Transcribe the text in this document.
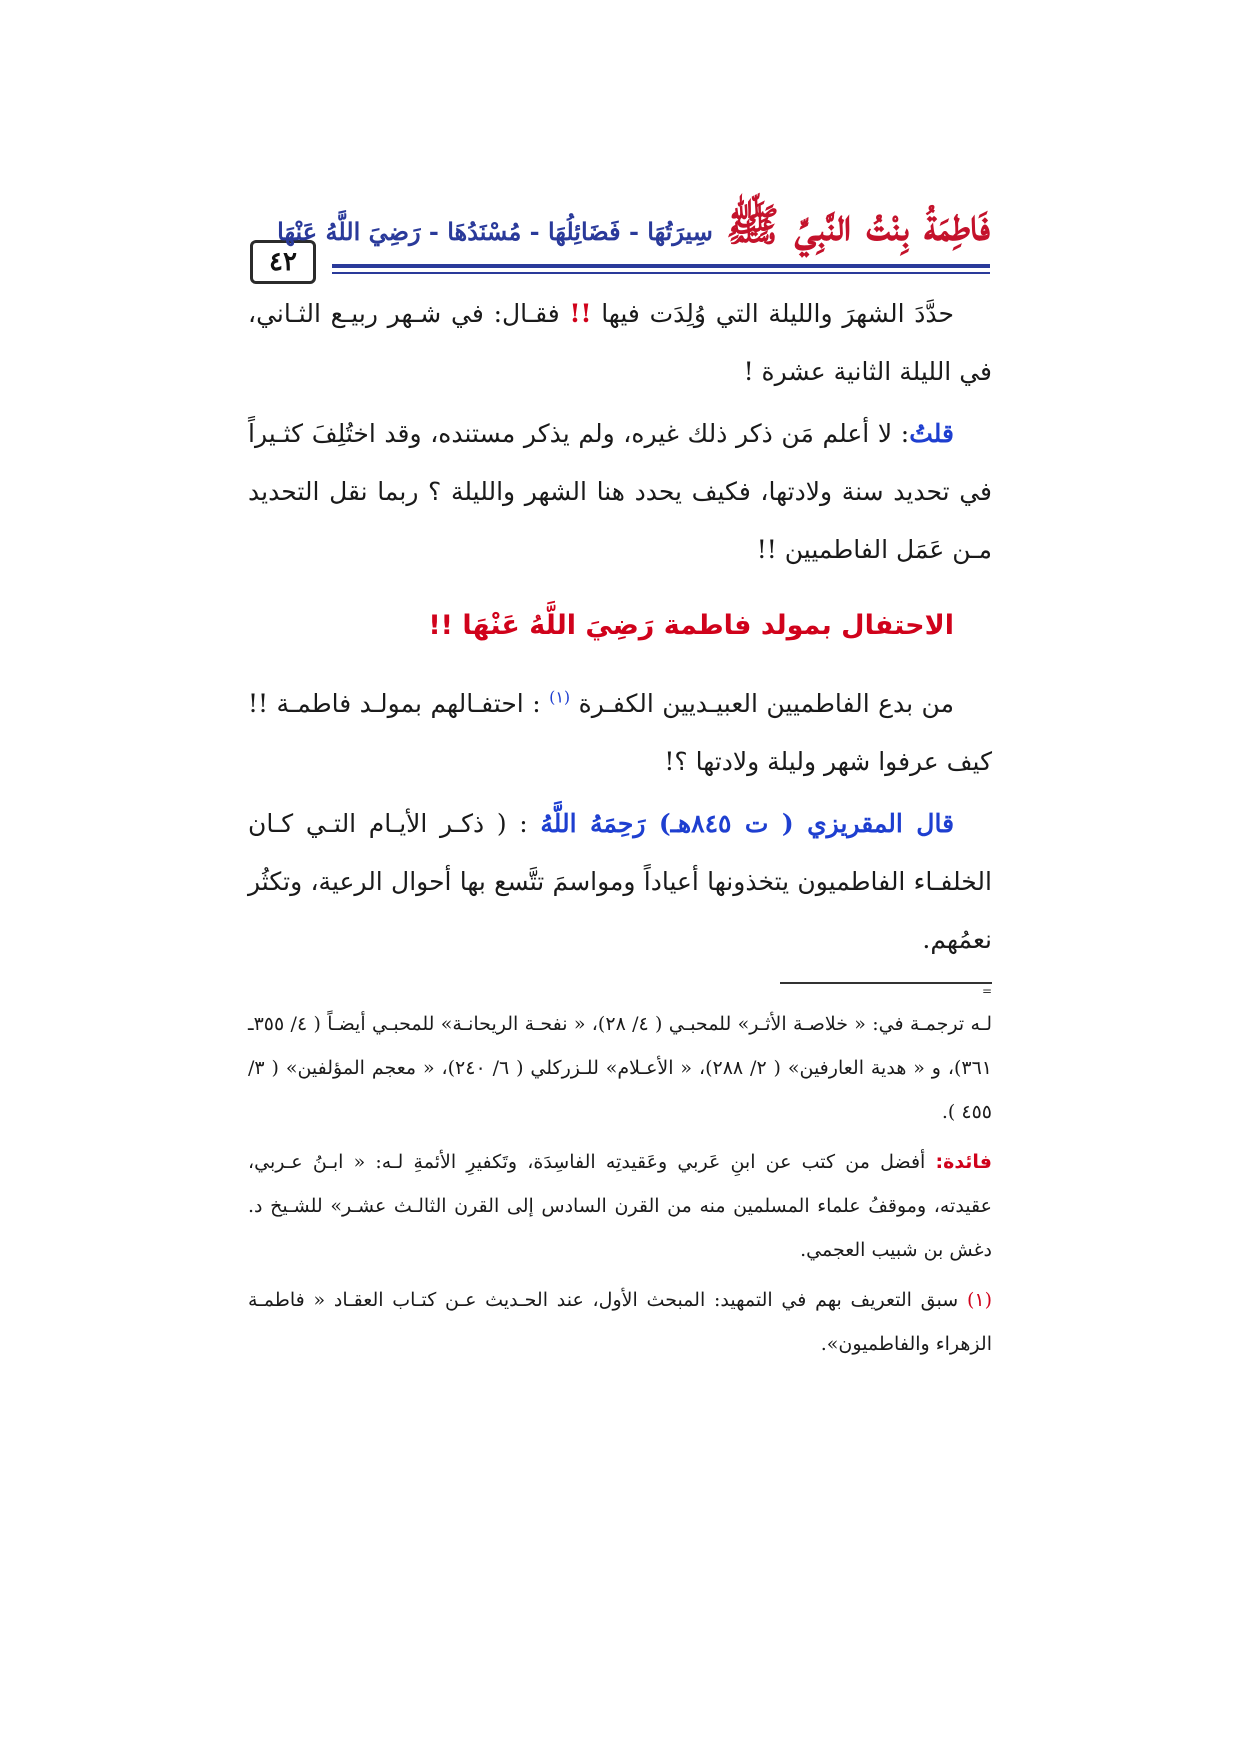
٤٢
فَاطِمَةُ بِنْتُ النَّبِيِّ ﷺ سِيرَتُهَا - فَضَائِلُهَا - مُسْنَدُهَا - رَضِيَ اللَّهُ عَنْهَا

حدَّدَ الشهرَ والليلة التي وُلِدَت فيها !! فقـال: في شـهر ربيـع الثـاني، في الليلة الثانية عشرة !

قلتُ: لا أعلم مَن ذكر ذلك غيره، ولم يذكر مستنده، وقد اختُلِفَ كثـيراً في تحديد سنة ولادتها، فكيف يحدد هنا الشهر والليلة ؟ ربما نقل التحديد مـن عَمَل الفاطميين !!

الاحتفال بمولد فاطمة رَضِيَ اللَّهُ عَنْهَا !!

من بدع الفاطميين العبيـديين الكفـرة $^{(١)}$ : احتفـالهم بمولـد فاطمـة !! كيف عرفوا شهر وليلة ولادتها ؟!

قال المقريزي ( ت ٨٤٥هـ) رَحِمَهُ اللَّهُ : ( ذكـر الأيـام التـي كـان الخلفـاء الفاطميون يتخذونها أعياداً ومواسمَ تتَّسع بها أحوال الرعية، وتكثُر نعمُهم.

=

لـه ترجمـة في: « خلاصـة الأثـر» للمحبـي ( ٤/ ٢٨)، « نفحـة الريحانـة» للمحبـي أيضـاً ( ٤/ ٣٥٥ـ ٣٦١)، و « هدية العارفين» ( ٢/ ٢٨٨)، « الأعـلام» للـزركلي ( ٦/ ٢٤٠)، « معجم المؤلفين» ( ٣/ ٤٥٥ ).

فائدة: أفضل من كتب عن ابنِ عَربي وعَقيدتِه الفاسِدَة، وتَكفيرِ الأئمةِ لـه: « ابـنُ عـربي، عقيدته، وموقفُ علماء المسلمين منه من القرن السادس إلى القرن الثالـث عشـر» للشـيخ د. دغش بن شبيب العجمي.

(١) سبق التعريف بهم في التمهيد: المبحث الأول، عند الحـديث عـن كتـاب العقـاد « فاطمـة الزهراء والفاطميون».
